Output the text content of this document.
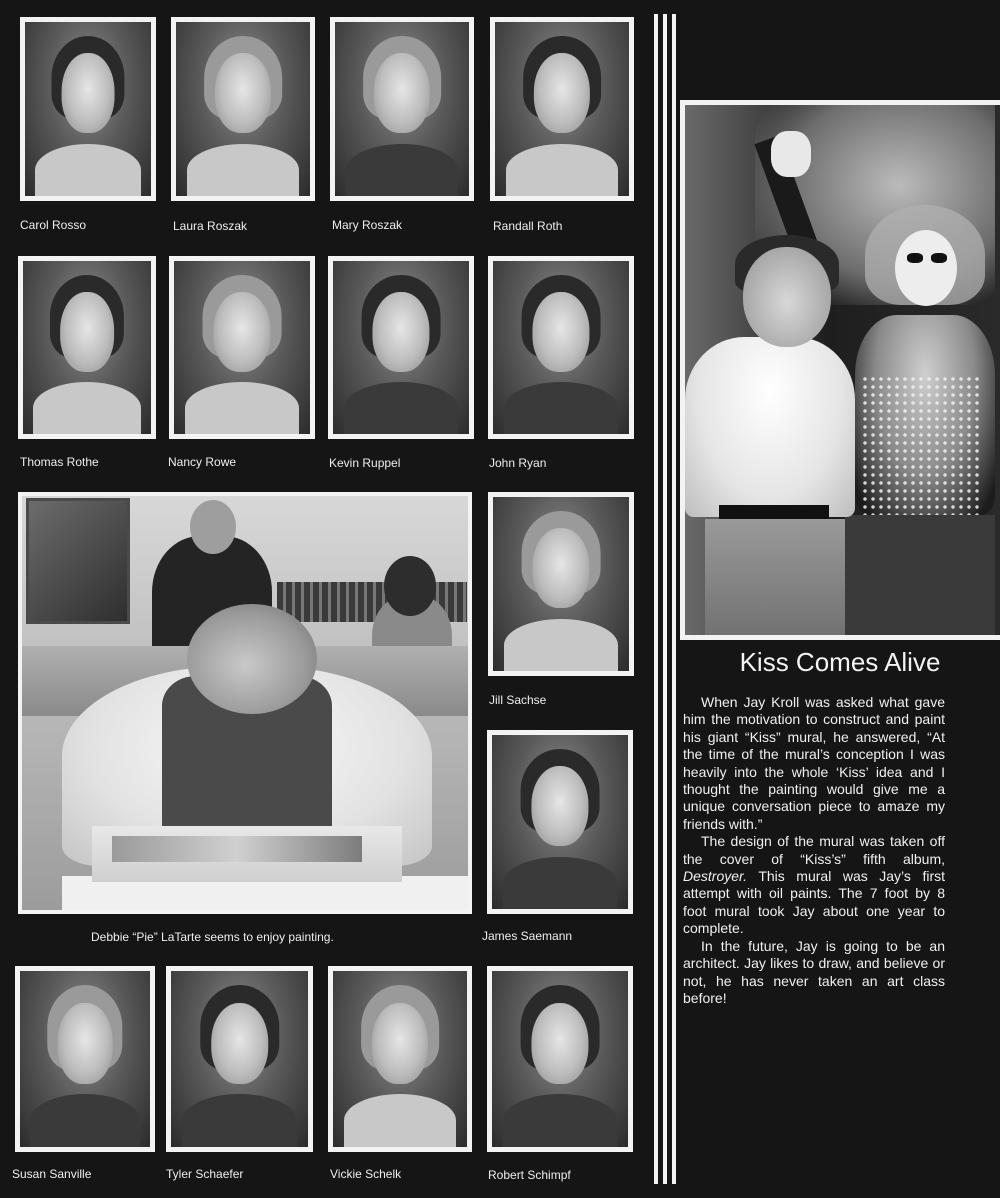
Carol Rosso	Laura Roszak	Mary Roszak	Randall Roth
Thomas Rothe	Nancy Rowe	Kevin Ruppel	John Ryan
Debbie “Pie” LaTarte seems to enjoy painting.
Jill Sachse
James Saemann
Susan Sanville	Tyler Schaefer	Vickie Schelk	Robert Schimpf
Kiss Comes Alive

When Jay Kroll was asked what gave him the motivation to construct and paint his giant “Kiss” mural, he answered, “At the time of the mural’s conception I was heavily into the whole ‘Kiss’ idea and I thought the painting would give me a unique conversation piece to amaze my friends with.”

The design of the mural was taken off the cover of “Kiss’s” fifth album, Destroyer. This mural was Jay’s first attempt with oil paints. The 7 foot by 8 foot mural took Jay about one year to complete.

In the future, Jay is going to be an architect. Jay likes to draw, and believe or not, he has never taken an art class before!
